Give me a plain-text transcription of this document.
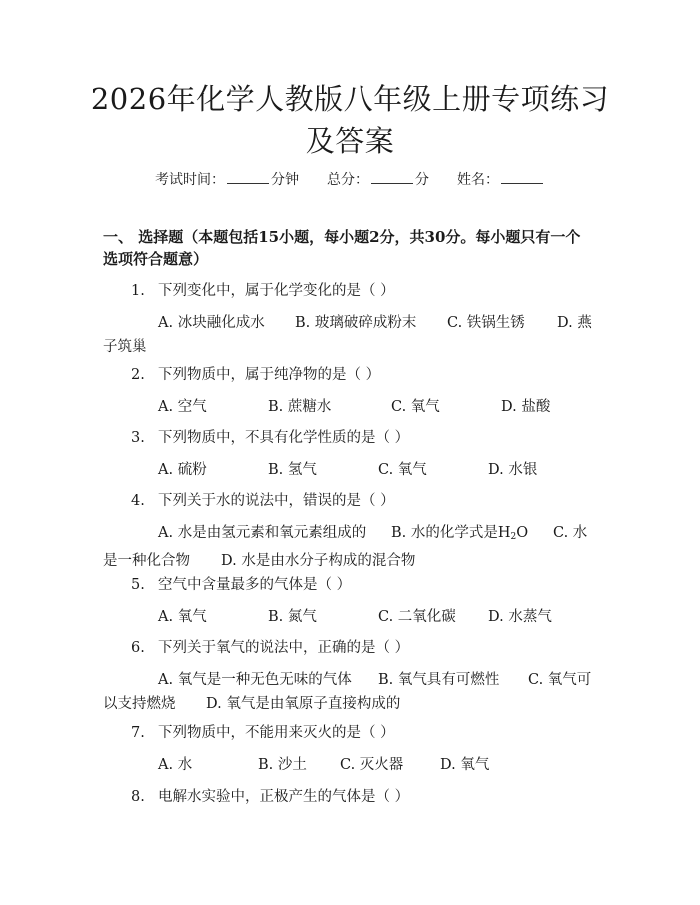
2026年化学人教版八年级上册专项练习及答案
考试时间：	分钟 总分：	分 姓名：
一、 选择题（本题包括15小题，每小题2分，共30分。每小题只有一个选项符合题意）
1. 下列变化中，属于化学变化的是（ ）
A. 冰块融化成水	B. 玻璃破碎成粉末	C. 铁锅生锈	D. 燕
子筑巢
2. 下列物质中，属于纯净物的是（ ）
A. 空气	B. 蔗糖水	C. 氧气	D. 盐酸
3. 下列物质中，不具有化学性质的是（ ）
A. 硫粉	B. 氢气	C. 氧气	D. 水银
4. 下列关于水的说法中，错误的是（ ）
A. 水是由氢元素和氧元素组成的	B. 水的化学式是$H_2O$	C. 水
是一种化合物	D. 水是由水分子构成的混合物
5. 空气中含量最多的气体是（ ）
A. 氧气	B. 氮气	C. 二氧化碳	D. 水蒸气
6. 下列关于氧气的说法中，正确的是（ ）
A. 氧气是一种无色无味的气体	B. 氧气具有可燃性	C. 氧气可
以支持燃烧	D. 氧气是由氧原子直接构成的
7. 下列物质中，不能用来灭火的是（ ）
A. 水	B. 沙土	C. 灭火器	D. 氧气
8. 电解水实验中，正极产生的气体是（ ）
